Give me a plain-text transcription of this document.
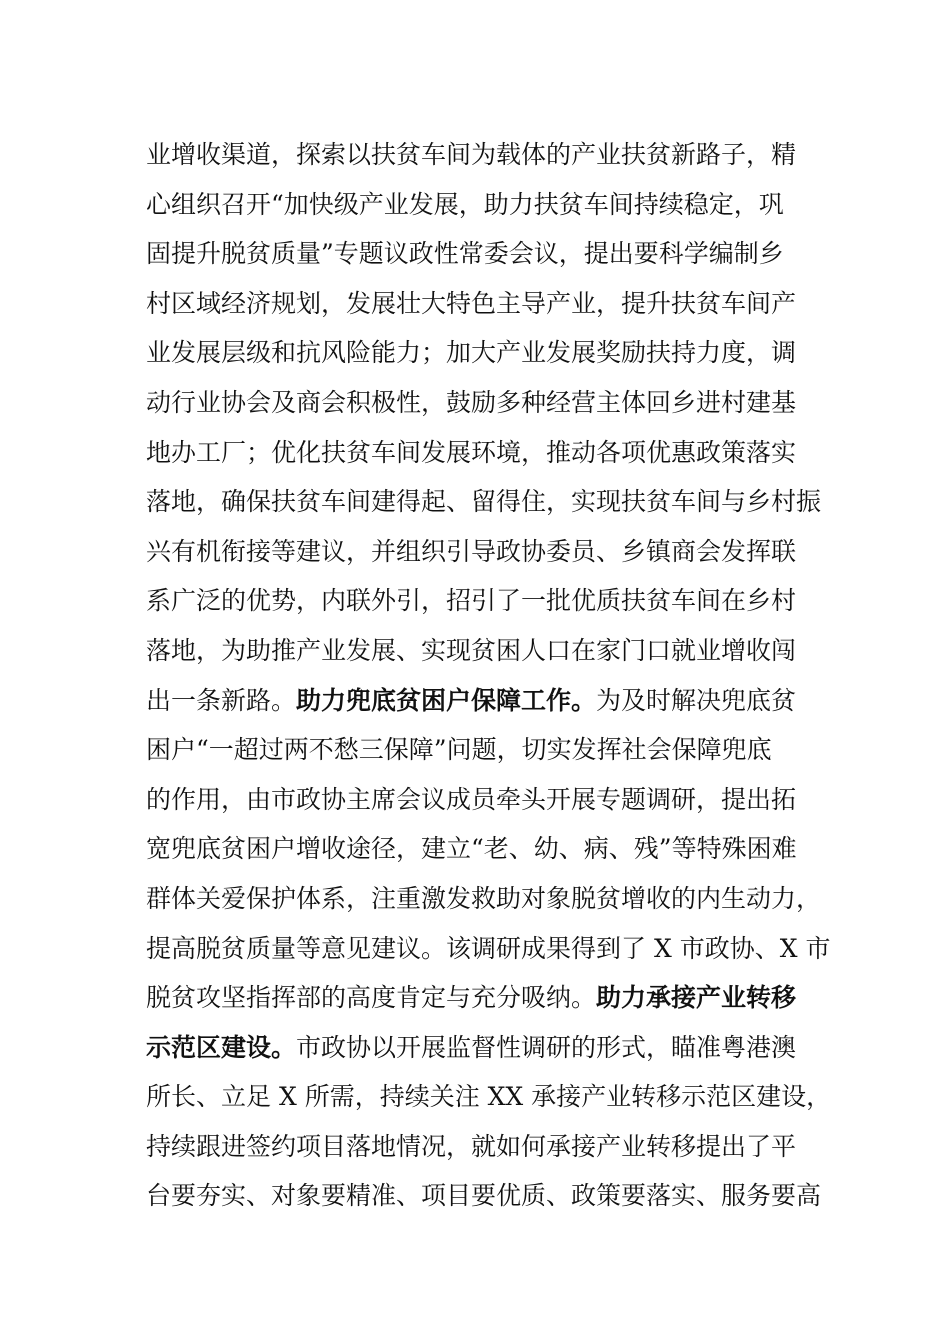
业增收渠道，探索以扶贫车间为载体的产业扶贫新路子，精
心组织召开“加快级产业发展，助力扶贫车间持续稳定，巩
固提升脱贫质量”专题议政性常委会议，提出要科学编制乡
村区域经济规划，发展壮大特色主导产业，提升扶贫车间产
业发展层级和抗风险能力；加大产业发展奖励扶持力度，调
动行业协会及商会积极性，鼓励多种经营主体回乡进村建基
地办工厂；优化扶贫车间发展环境，推动各项优惠政策落实
落地，确保扶贫车间建得起、留得住，实现扶贫车间与乡村振
兴有机衔接等建议，并组织引导政协委员、乡镇商会发挥联
系广泛的优势，内联外引，招引了一批优质扶贫车间在乡村
落地，为助推产业发展、实现贫困人口在家门口就业增收闯
出一条新路。助力兜底贫困户保障工作。为及时解决兜底贫
困户“一超过两不愁三保障”问题，切实发挥社会保障兜底
的作用，由市政协主席会议成员牵头开展专题调研，提出拓
宽兜底贫困户增收途径，建立“老、幼、病、残”等特殊困难
群体关爱保护体系，注重激发救助对象脱贫增收的内生动力，
提高脱贫质量等意见建议。该调研成果得到了 X 市政协、X 市
脱贫攻坚指挥部的高度肯定与充分吸纳。助力承接产业转移
示范区建设。市政协以开展监督性调研的形式，瞄准粤港澳
所长、立足 X 所需，持续关注 XX 承接产业转移示范区建设，
持续跟进签约项目落地情况，就如何承接产业转移提出了平
台要夯实、对象要精准、项目要优质、政策要落实、服务要高
